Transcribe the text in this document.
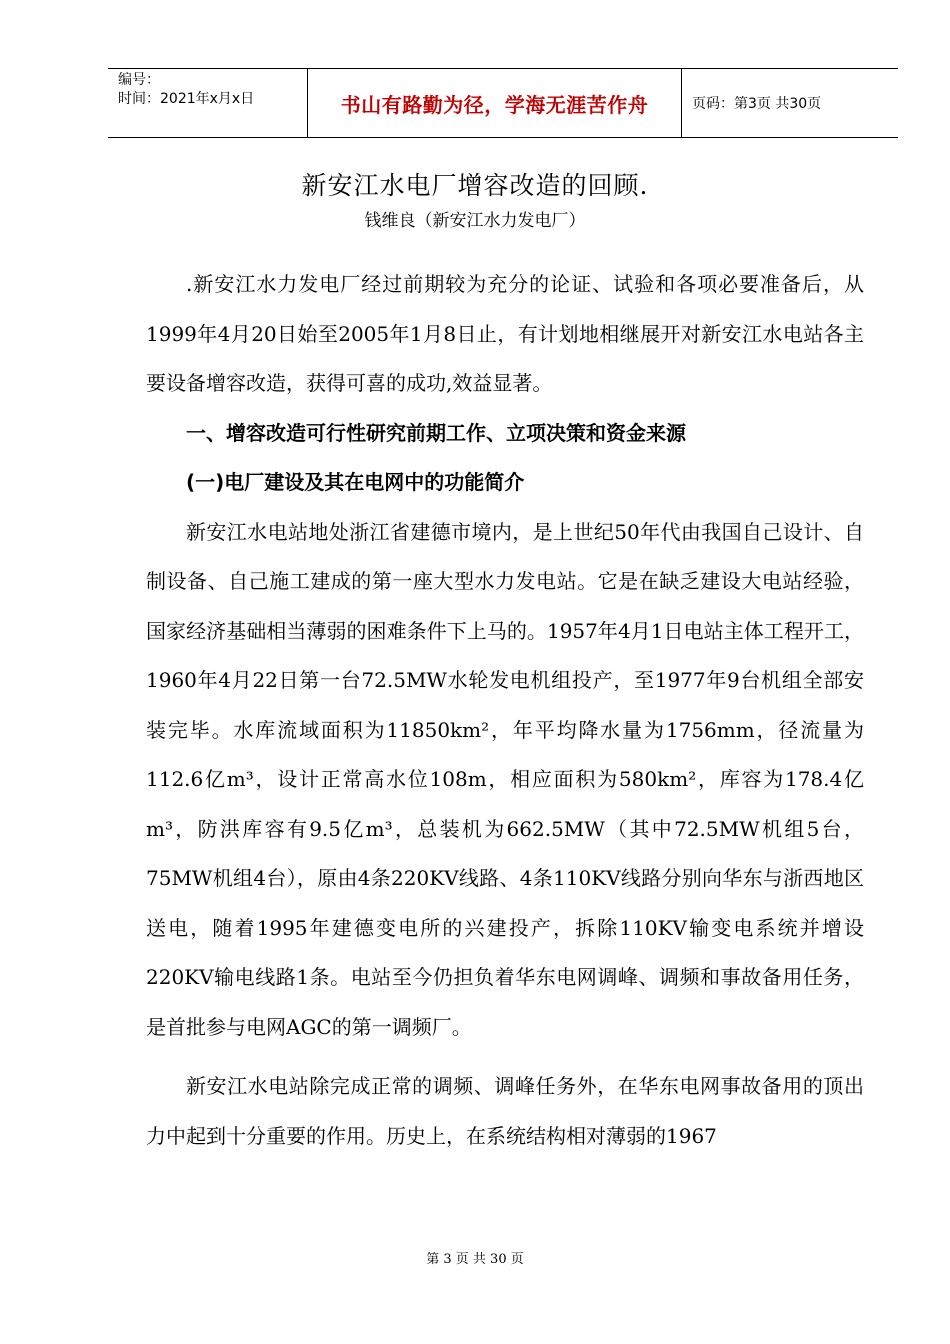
编号：
时间：2021年x月x日	书山有路勤为径，学海无涯苦作舟	页码：第3页 共30页
新安江水电厂增容改造的回顾.
钱维良（新安江水力发电厂）

.新安江水力发电厂经过前期较为充分的论证、试验和各项必要准备后，从1999年4月20日始至2005年1月8日止，有计划地相继展开对新安江水电站各主要设备增容改造，获得可喜的成功,效益显著。

一、增容改造可行性研究前期工作、立项决策和资金来源
(一)电厂建设及其在电网中的功能简介

新安江水电站地处浙江省建德市境内，是上世纪50年代由我国自己设计、自制设备、自己施工建成的第一座大型水力发电站。它是在缺乏建设大电站经验，国家经济基础相当薄弱的困难条件下上马的。1957年4月1日电站主体工程开工，1960年4月22日第一台72.5MW水轮发电机组投产，至1977年9台机组全部安装完毕。水库流域面积为11850km²，年平均降水量为1756mm，径流量为112.6亿m³，设计正常高水位108m，相应面积为580km²，库容为178.4亿m³，防洪库容有9.5亿m³，总装机为662.5MW（其中72.5MW机组5台，75MW机组4台），原由4条220KV线路、4条110KV线路分别向华东与浙西地区送电，随着1995年建德变电所的兴建投产，拆除110KV输变电系统并增设220KV输电线路1条。电站至今仍担负着华东电网调峰、调频和事故备用任务，是首批参与电网AGC的第一调频厂。

新安江水电站除完成正常的调频、调峰任务外，在华东电网事故备用的顶出力中起到十分重要的作用。历史上，在系统结构相对薄弱的1967

第 3 页 共 30 页
